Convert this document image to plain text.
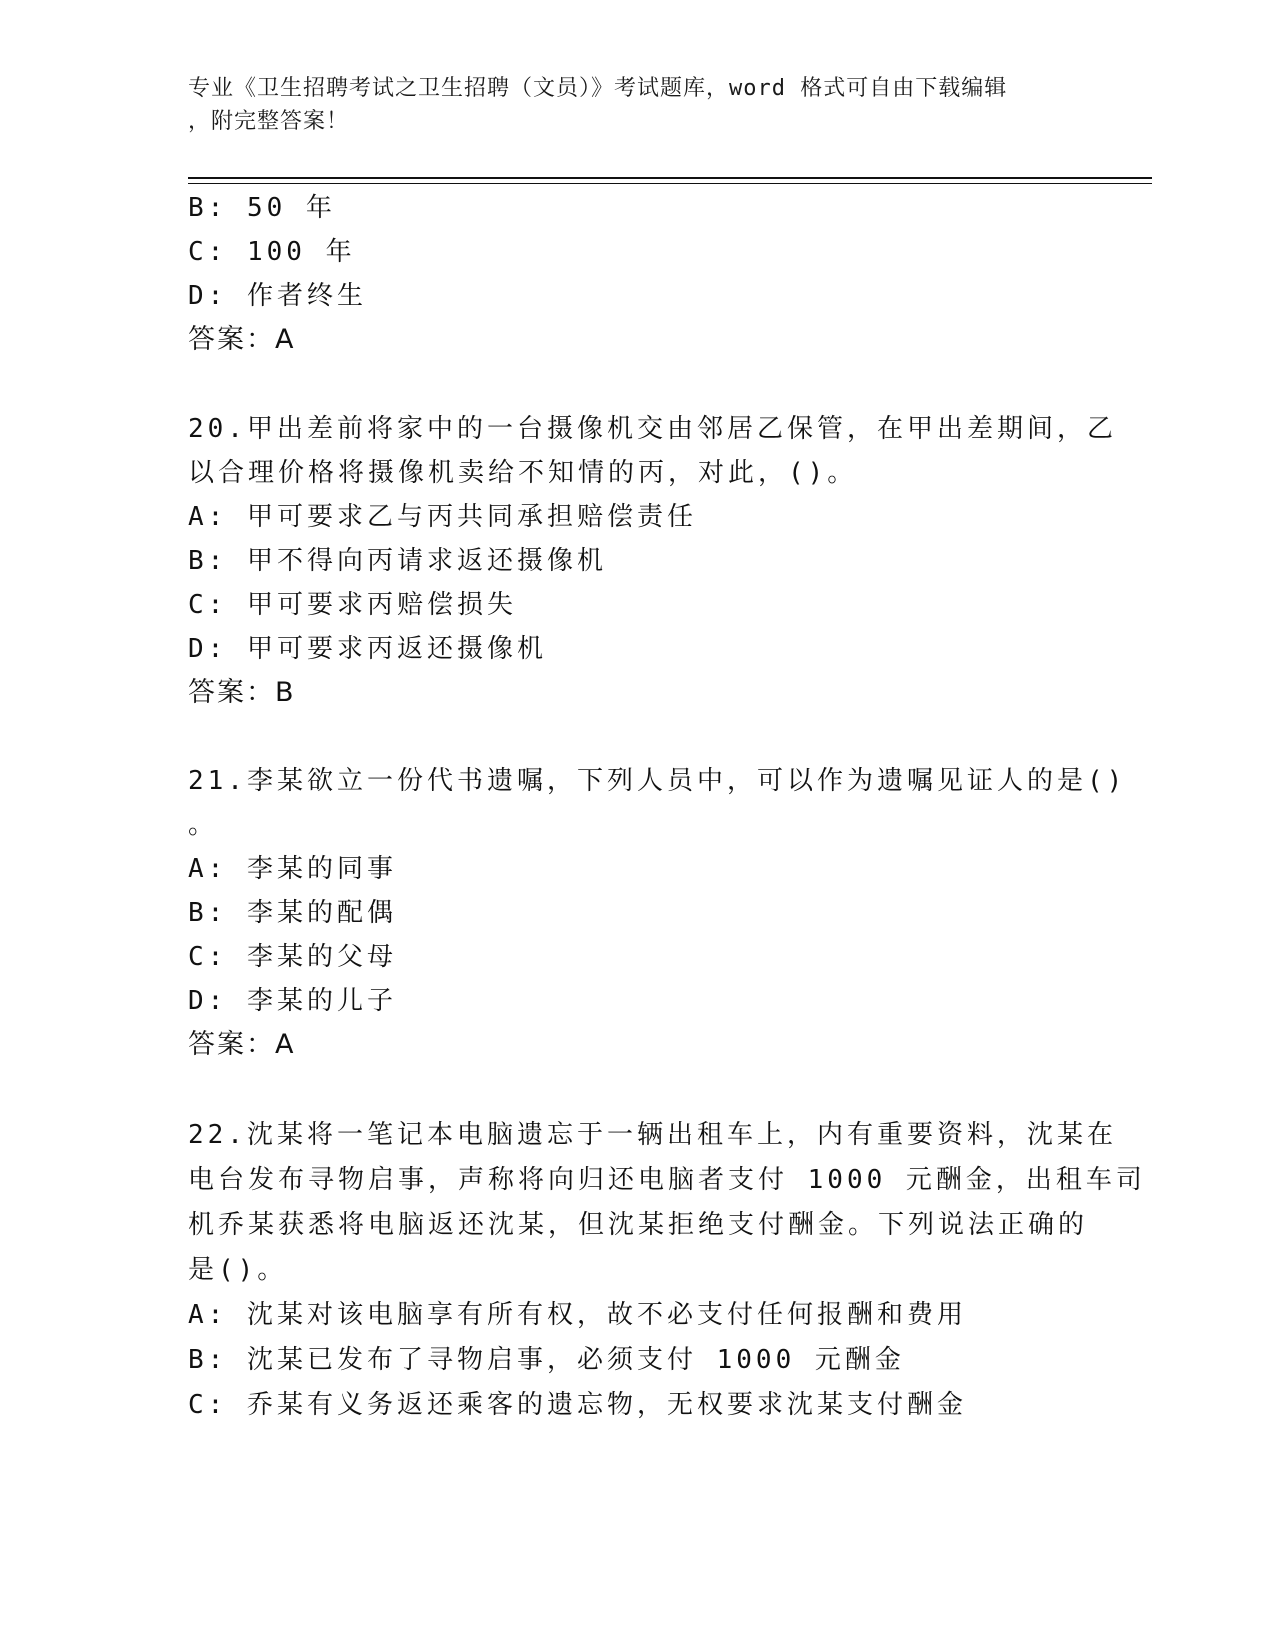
专业《卫生招聘考试之卫生招聘（文员）》考试题库，word 格式可自由下载编辑
，附完整答案！
B: 50 年
C: 100 年
D: 作者终生
答案：A
20.甲出差前将家中的一台摄像机交由邻居乙保管，在甲出差期间，乙
以合理价格将摄像机卖给不知情的丙，对此，()。
A: 甲可要求乙与丙共同承担赔偿责任
B: 甲不得向丙请求返还摄像机
C: 甲可要求丙赔偿损失
D: 甲可要求丙返还摄像机
答案：B
21.李某欲立一份代书遗嘱，下列人员中，可以作为遗嘱见证人的是()
。
A: 李某的同事
B: 李某的配偶
C: 李某的父母
D: 李某的儿子
答案：A
22.沈某将一笔记本电脑遗忘于一辆出租车上，内有重要资料，沈某在
电台发布寻物启事，声称将向归还电脑者支付 1000 元酬金，出租车司
机乔某获悉将电脑返还沈某，但沈某拒绝支付酬金。下列说法正确的
是()。
A: 沈某对该电脑享有所有权，故不必支付任何报酬和费用
B: 沈某已发布了寻物启事，必须支付 1000 元酬金
C: 乔某有义务返还乘客的遗忘物，无权要求沈某支付酬金
